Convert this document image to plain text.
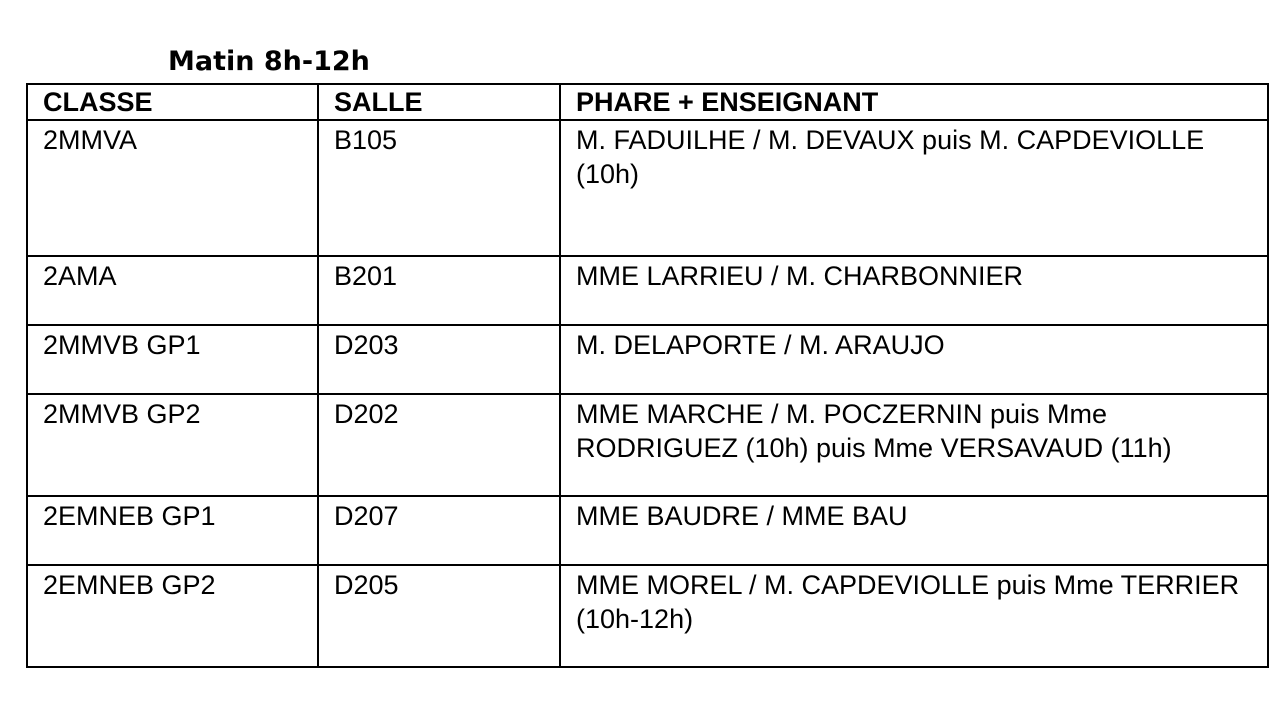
Matin 8h-12h
CLASSE	SALLE	PHARE + ENSEIGNANT
2MMVA	B105	M. FADUILHE / M. DEVAUX puis M. CAPDEVIOLLE (10h)
2AMA	B201	MME LARRIEU / M. CHARBONNIER
2MMVB GP1	D203	M. DELAPORTE / M. ARAUJO
2MMVB GP2	D202	MME MARCHE / M. POCZERNIN puis Mme RODRIGUEZ (10h) puis Mme VERSAVAUD (11h)
2EMNEB GP1	D207	MME BAUDRE / MME BAU
2EMNEB GP2	D205	MME MOREL / M. CAPDEVIOLLE puis Mme TERRIER (10h-12h)
